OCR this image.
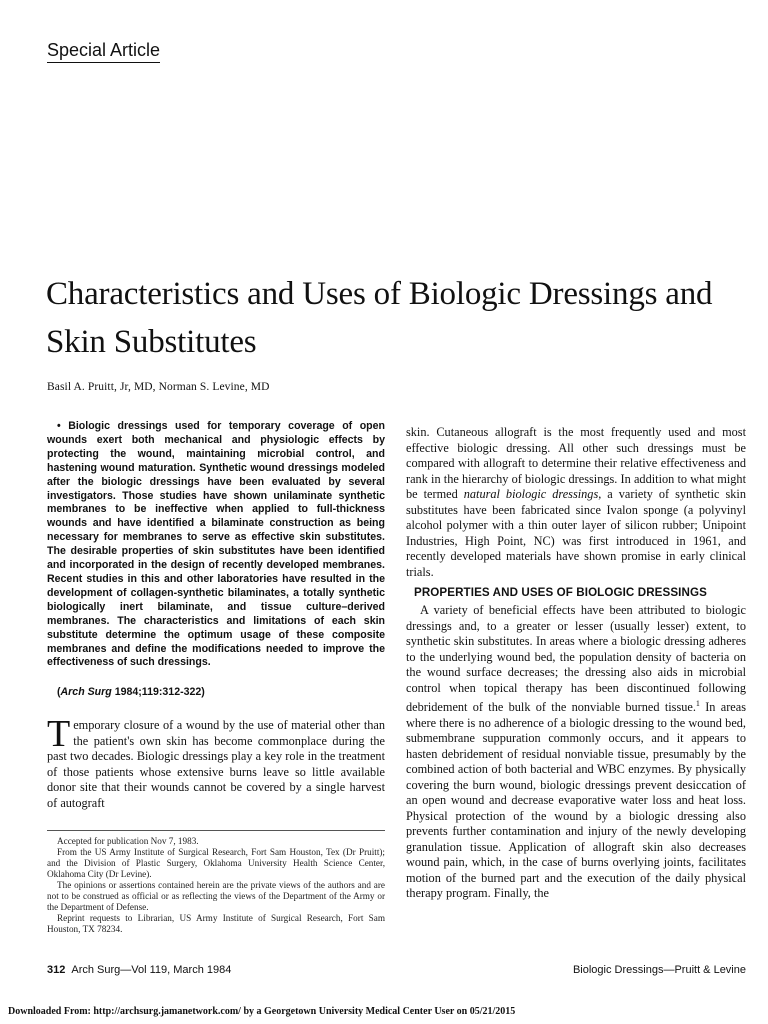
Special Article
Characteristics and Uses of Biologic Dressings and Skin Substitutes
Basil A. Pruitt, Jr, MD, Norman S. Levine, MD

• Biologic dressings used for temporary coverage of open wounds exert both mechanical and physiologic effects by protecting the wound, maintaining microbial control, and hastening wound maturation. Synthetic wound dressings modeled after the biologic dressings have been evaluated by several investigators. Those studies have shown unilaminate synthetic membranes to be ineffective when applied to full-thickness wounds and have identified a bilaminate construction as being necessary for membranes to serve as effective skin substitutes. The desirable properties of skin substitutes have been identified and incorporated in the design of recently developed membranes. Recent studies in this and other laboratories have resulted in the development of collagen-synthetic bilaminates, a totally synthetic biologically inert bilaminate, and tissue culture–derived membranes. The characteristics and limitations of each skin substitute determine the optimum usage of these composite membranes and define the modifications needed to improve the effectiveness of such dressings.

(Arch Surg 1984;119:312-322)

Temporary closure of a wound by the use of material other than the patient's own skin has become commonplace during the past two decades. Biologic dressings play a key role in the treatment of those patients whose extensive burns leave so little available donor site that their wounds cannot be covered by a single harvest of autograft

Accepted for publication Nov 7, 1983.

From the US Army Institute of Surgical Research, Fort Sam Houston, Tex (Dr Pruitt); and the Division of Plastic Surgery, Oklahoma University Health Science Center, Oklahoma City (Dr Levine).

The opinions or assertions contained herein are the private views of the authors and are not to be construed as official or as reflecting the views of the Department of the Army or the Department of Defense.

Reprint requests to Librarian, US Army Institute of Surgical Research, Fort Sam Houston, TX 78234.

skin. Cutaneous allograft is the most frequently used and most effective biologic dressing. All other such dressings must be compared with allograft to determine their relative effectiveness and rank in the hierarchy of biologic dressings. In addition to what might be termed natural biologic dressings, a variety of synthetic skin substitutes have been fabricated since Ivalon sponge (a polyvinyl alcohol polymer with a thin outer layer of silicon rubber; Unipoint Industries, High Point, NC) was first introduced in 1961, and recently developed materials have shown promise in early clinical trials.

PROPERTIES AND USES OF BIOLOGIC DRESSINGS

A variety of beneficial effects have been attributed to biologic dressings and, to a greater or lesser (usually lesser) extent, to synthetic skin substitutes. In areas where a biologic dressing adheres to the underlying wound bed, the population density of bacteria on the wound surface decreases; the dressing also aids in microbial control when topical therapy has been discontinued following debridement of the bulk of the nonviable burned tissue.$^1$ In areas where there is no adherence of a biologic dressing to the wound bed, submembrane suppuration commonly occurs, and it appears to hasten debridement of residual nonviable tissue, presumably by the combined action of both bacterial and WBC enzymes. By physically covering the burn wound, biologic dressings prevent desiccation of an open wound and decrease evaporative water loss and heat loss. Physical protection of the wound by a biologic dressing also prevents further contamination and injury of the newly developing granulation tissue. Application of allograft skin also decreases wound pain, which, in the case of burns overlying joints, facilitates motion of the burned part and the execution of the daily physical therapy program. Finally, the

312 Arch Surg—Vol 119, March 1984	Biologic Dressings—Pruitt & Levine
Downloaded From: http://archsurg.jamanetwork.com/ by a Georgetown University Medical Center User on 05/21/2015
